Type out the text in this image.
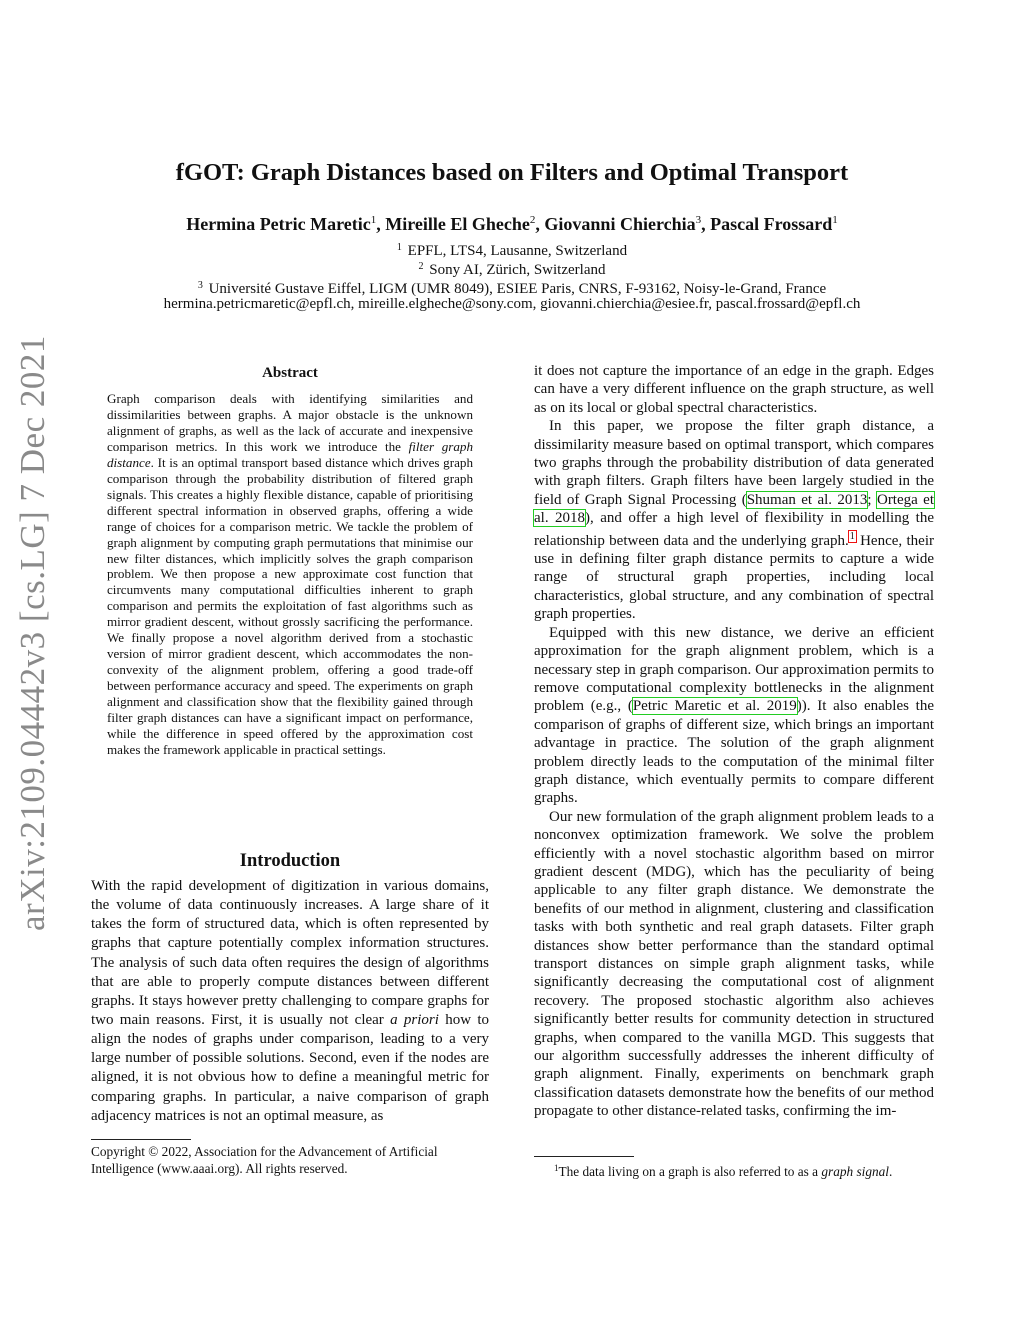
arXiv:2109.04442v3 [cs.LG] 7 Dec 2021
fGOT: Graph Distances based on Filters and Optimal Transport
Hermina Petric Maretic$^1$, Mireille El Gheche$^2$, Giovanni Chierchia$^3$, Pascal Frossard$^1$
$^1$ EPFL, LTS4, Lausanne, Switzerland
$^2$ Sony AI, Zürich, Switzerland
$^3$ Université Gustave Eiffel, LIGM (UMR 8049), ESIEE Paris, CNRS, F-93162, Noisy-le-Grand, France
hermina.petricmaretic@epfl.ch, mireille.elgheche@sony.com, giovanni.chierchia@esiee.fr, pascal.frossard@epfl.ch
Abstract

Graph comparison deals with identifying similarities and dissimilarities between graphs. A major obstacle is the unknown alignment of graphs, as well as the lack of accurate and inexpensive comparison metrics. In this work we introduce the filter graph distance. It is an optimal transport based distance which drives graph comparison through the probability distribution of filtered graph signals. This creates a highly flexible distance, capable of prioritising different spectral information in observed graphs, offering a wide range of choices for a comparison metric. We tackle the problem of graph alignment by computing graph permutations that minimise our new filter distances, which implicitly solves the graph comparison problem. We then propose a new approximate cost function that circumvents many computational difficulties inherent to graph comparison and permits the exploitation of fast algorithms such as mirror gradient descent, without grossly sacrificing the performance. We finally propose a novel algorithm derived from a stochastic version of mirror gradient descent, which accommodates the non-convexity of the alignment problem, offering a good trade-off between performance accuracy and speed. The experiments on graph alignment and classification show that the flexibility gained through filter graph distances can have a significant impact on performance, while the difference in speed offered by the approximation cost makes the framework applicable in practical settings.

Introduction

With the rapid development of digitization in various domains, the volume of data continuously increases. A large share of it takes the form of structured data, which is often represented by graphs that capture potentially complex information structures. The analysis of such data often requires the design of algorithms that are able to properly compute distances between different graphs. It stays however pretty challenging to compare graphs for two main reasons. First, it is usually not clear a priori how to align the nodes of graphs under comparison, leading to a very large number of possible solutions. Second, even if the nodes are aligned, it is not obvious how to define a meaningful metric for comparing graphs. In particular, a naive comparison of graph adjacency matrices is not an optimal measure, as

Copyright © 2022, Association for the Advancement of Artificial Intelligence (www.aaai.org). All rights reserved.

it does not capture the importance of an edge in the graph. Edges can have a very different influence on the graph structure, as well as on its local or global spectral characteristics.

In this paper, we propose the filter graph distance, a dissimilarity measure based on optimal transport, which compares two graphs through the probability distribution of data generated with graph filters. Graph filters have been largely studied in the field of Graph Signal Processing (Shuman et al. 2013; Ortega et al. 2018), and offer a high level of flexibility in modelling the relationship between data and the underlying graph.$^1$ Hence, their use in defining filter graph distance permits to capture a wide range of structural graph properties, including local characteristics, global structure, and any combination of spectral graph properties.

Equipped with this new distance, we derive an efficient approximation for the graph alignment problem, which is a necessary step in graph comparison. Our approximation permits to remove computational complexity bottlenecks in the alignment problem (e.g., (Petric Maretic et al. 2019)). It also enables the comparison of graphs of different size, which brings an important advantage in practice. The solution of the graph alignment problem directly leads to the computation of the minimal filter graph distance, which eventually permits to compare different graphs.

Our new formulation of the graph alignment problem leads to a nonconvex optimization framework. We solve the problem efficiently with a novel stochastic algorithm based on mirror gradient descent (MDG), which has the peculiarity of being applicable to any filter graph distance. We demonstrate the benefits of our method in alignment, clustering and classification tasks with both synthetic and real graph datasets. Filter graph distances show better performance than the standard optimal transport distances on simple graph alignment tasks, while significantly decreasing the computational cost of alignment recovery. The proposed stochastic algorithm also achieves significantly better results for community detection in structured graphs, when compared to the vanilla MGD. This suggests that our algorithm successfully addresses the inherent difficulty of graph alignment. Finally, experiments on benchmark graph classification datasets demonstrate how the benefits of our method propagate to other distance-related tasks, confirming the im-

$^1$The data living on a graph is also referred to as a graph signal.
